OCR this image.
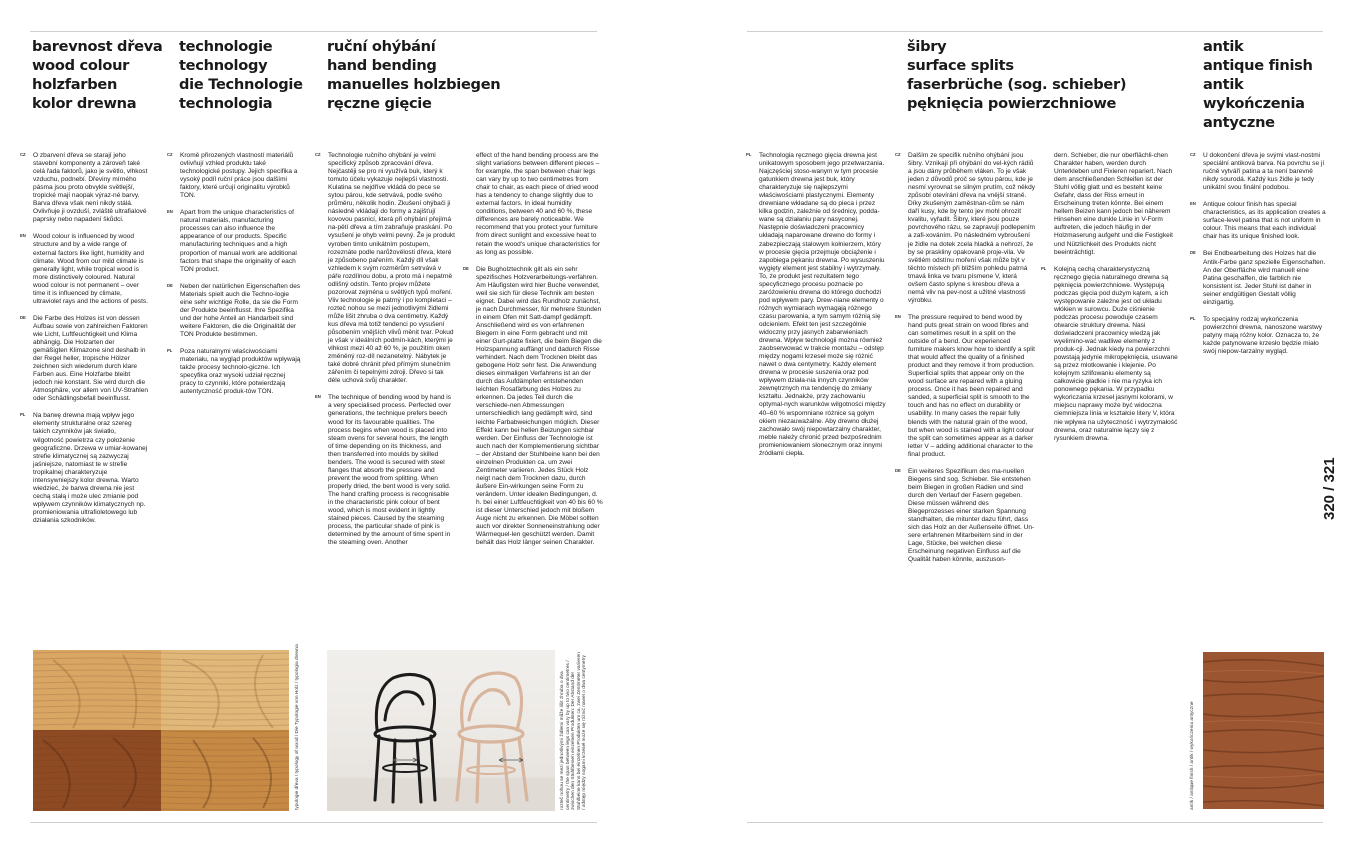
barevnost dřeva
wood colour
holzfarben
kolor drewna
technologie
technology
die Technologie
technologia
ruční ohýbání
hand bending
manuelles holzbiegen
ręczne gięcie
šibry
surface splits
faserbrüche (sog. schieber)
pęknięcia powierzchniowe
antik
antique finish
antik
wykończenia
antyczne
CZ O zbarvení dřeva se starají jeho stavební komponenty a zároveň také celá řada faktorů, jako je světlo, vlhkost vzduchu, podnebí. Dřeviny mírného pásma jsou proto obvykle světlejší, tropické mají naopak výraz-né barvy. Barva dřeva však není nikdy stálá. Ovlivňuje ji ovzduší, zvláště ultrafialové paprsky nebo napadení škůdci.
EN Wood colour is influenced by wood structure and by a wide range of external factors like light, humidity and climate. Wood from our mild climate is generally light, while tropical wood is more distinctively coloured. Natural wood colour is not permanent – over time it is influenced by climate, ultraviolet rays and the actions of pests.
DE Die Farbe des Holzes ist von dessen Aufbau sowie von zahlreichen Faktoren wie Licht, Luftfeuchtigkeit und Klima abhängig. Die Holzarten der gemäßigten Klimazone sind deshalb in der Regel heller, tropische Hölzer zeichnen sich wiederum durch klare Farben aus. Eine Holzfarbe bleibt jedoch nie konstant. Sie wird durch die Atmosphäre, vor allem von UV-Strahlen oder Schädlingsbefall beeinflusst.
PL Na barwę drewna mają wpływ jego elementy strukturalne oraz szereg takich czynników jak światło, wilgotność powietrza czy położenie geograficzne. Drzewa w umiar-kowanej strefie klimatycznej są zazwyczaj jaśniejsze, natomiast te w strefie tropikalnej charakteryzuje intensywniejszy kolor drewna. Warto wiedzieć, że barwa drewna nie jest cechą stałą i może ulec zmianie pod wpływem czynników klimatycznych np. promieniowania ultrafioletowego lub działania szkodników.
CZ Kromě přirozených vlastností materiálů ovlivňují vzhled produktu také technologické postupy. Jejich specifika a vysoký podíl ruční práce jsou dalšími faktory, které určují originalitu výrobků TON.
EN Apart from the unique characteristics of natural materials, manufacturing processes can also influence the appearance of our products. Specific manufacturing techniques and a high proportion of manual work are additional factors that shape the originality of each TON product.
DE Neben der natürlichen Eigenschaften des Materials spielt auch die Techno-logie eine sehr wichtige Rolle, da sie die Form der Produkte beeinflusst. Ihre Spezifika und der hohe Anteil an Handarbeit sind weitere Faktoren, die die Originalität der TON Produkte bestimmen.
PL Poza naturalnymi właściwościami materiału, na wygląd produktów wpływają także procesy technolo-giczne. Ich specyfika oraz wysoki udział ręcznej pracy to czynniki, które potwierdzają autentyczność produk-tów TON.
CZ Technologie ručního ohýbání je velmi specifický způsob zpracování dřeva. Nejčastěji se pro ni využívá buk, který k tomuto účelu vykazuje nejlepší vlastnosti. Kulatina se nejdříve vkládá do pece se sytou párou, kde setrvává, podle svého průměru, několik hodin. Zkušení ohýbači ji následně vkládají do formy a zajišťují kovovou pasnicí, která při ohýbání přejímá na-pětí dřeva a tím zabraňuje praskání. Po vysušení je ohyb velmi pevný. Že je produkt vyroben timto unikátním postupem, rozeznáte podle narůžovělosti dřeva, které je způsobeno pařením. Každý díl však vzhledem k svým rozměrům setrvává v páře rozdílnou dobu, a proto má i nepatrně odlišný odstín. Tento projev můžete pozorovat zejména u světlých typů moření. Vliv technologie je patrný i po kompletaci – rozteč nohou se mezi jednotlivými židlemi může lišit zhruba o dva centimetry. Každý kus dřeva má totiž tendenci po vysušení působením vnějších vlivů měnit tvar. Pokud je však v ideálních podmín-kách, kterými je vlhkost mezi 40 až 60 %, je použitím oken změněný roz-díl nezanetelný. Nábytek je také dobré chránit před přímým slunečním zářením či tepelnými zdroji. Dřevo si tak déle uchová svůj charakter.
EN The technique of bending wood by hand is a very specialised process. Perfected over generations, the technique prefers beech wood for its favourable qualities. The process begins when wood is placed into steam ovens for several hours, the length of time depending on its thickness, and then transferred into moulds by skilled benders. The wood is secured with steel flanges that absorb the pressure and prevent the wood from splitting. When properly dried, the bent wood is very solid. The hand crafting process is recognisable in the characteristic pink colour of bent wood, which is most evident in lightly stained pieces. Caused by the steaming process, the particular shade of pink is determined by the amount of time spent in the steaming oven. Another
effect of the hand bending process are the slight variations between different pieces – for example, the span between chair legs can vary by up to two centimetres from chair to chair, as each piece of dried wood has a tendency to change slightly due to external factors. In ideal humidity conditions, between 40 and 60 %, these differences are barely noticeable. We recommend that you protect your furniture from direct sunlight and excessive heat to retain the wood's unique characteristics for as long as possible.
DE Die Bugholztechnik gilt als ein sehr spezifisches Holzverarbeitungs-verfahren. Am Häufigsten wird hier Buche verwendet, weil sie sich für diese Technik am besten eignet. Dabei wird das Rundholz zunächst, je nach Durchmesser, für mehrere Stunden in einem Ofen mit Satt-dampf gedämpft. Anschließend wird es von erfahrenen Biegern in eine Form gebracht und mit einer Gurt-platte fixiert, die beim Biegen die Holzspannung auffängt und dadurch Risse verhindert. Nach dem Trocknen bleibt das gebogene Holz sehr fest. Die Anwendung dieses einmaligen Verfahrens ist an der durch das Aufdämpfen entstehenden leichten Rosafärbung des Holzes zu erkennen. Da jedes Teil durch die verschiede-nen Abmessungen unterschiedlich lang gedämpft wird, sind leichte Farbabweichungen möglich. Dieser Effekt kann bei hellen Beizungen sichbar werden. Der Einfluss der Technologie ist auch nach der Komplementierung sichtbar – der Abstand der Stuhlbeine kann bei den einzelnen Produkten ca. um zwei Zentimeter variieren. Jedes Stück Holz neigt nach dem Trocknen dazu, durch äußere Ein-wirkungen seine Form zu verändern. Unter idealen Bedingungen, d. h. bei einer Luftfeuchtigkeit von 40 bis 60 % ist dieser Unterschied jedoch mit bloßem Auge nicht zu erkennen. Die Möbel sollten auch vor direkter Sonneneinstrahlung oder Wärmequel-len geschützt werden. Damit behält das Holz länger seinen Charakter.
PL Technologia ręcznego gięcia drewna jest unikatowym sposobem jego przetwarzania. Najczęściej stoso-wanym w tym procesie gatunkiem drewna jest buk, który charakteryzuje się najlepszymi właściwościami plastycznymi. Elementy drewniane wkładane są do pieca i przez kilka godzin, zależnie od średnicy, podda-wane są działaniu pary nasyconej. Następnie doświadczeni pracownicy układają naparowane drewno do formy i zabezpieczają stalowym kołnierzem, który w procesie gięcia przejmuje obciążenie i zapobiega pękaniu drewna. Po wysuszeniu wygięty element jest stabilny i wytrzymały. To, że produkt jest rezultatem tego specyficznego procesu poznacie po zaróżowieniu drewna do którego dochodzi pod wpływem pary. Drew-niane elementy o różnych wymiarach wymagają różnego czasu parowania, a tym samym różnią się odcieniem. Efekt ten jest szczególnie widoczny przy jasnych zabarwieniach drewna. Wpływ technologii można również zaobserwować w trakcie montażu – odstęp między nogami krzeseł może się różnić nawet o dwa centymetry. Każdy element drewna w procesie suszenia oraz pod wpływem działa-nia innych czynników zewnętrznych ma tendencję do zmiany kształtu. Jednakże, przy zachowaniu optymal-nych warunków wilgotności między 40–60 % wspomniane różnice są gołym okiem niezauważalne. Aby drewno dłużej zachowało swój niepowtarzalny charakter, meble należy chronić przed bezpośrednim promieniowaniem słonecznym oraz innymi źródłami ciepła.
CZ Dalším ze specifik ručního ohýbání jsou šibry. Vznikají při ohýbání do vel-kých rádiů a jsou dány průběhem vláken. To je však jeden z důvodů proč se sytou párou, kde je nesmí vyrovnat se silným prutím, což někdy způsobí otevírání dřeva na vnější straně. Díky zkušeným zaměstnan-cům se nám daří kusy, kde by tento jev mohl ohrozit kvalitu, vyřadit. Šibry, které jsou pouze povrchového rázu, se zapravují podlepením a zafi-xováním. Po následném vybroušení je židle na dotek zcela hladká a nehrozí, že by se praskliny opakovaně proje-vila. Ve světlém odstínu moření však může být v těchto místech při bližším pohledu patrná tmavá linka ve tvaru písmene V, která ovšem často splyne s kresbou dřeva a nemá vliv na pev-nost a užitné vlastnosti výrobku.
EN The pressure required to bend wood by hand puts great strain on wood fibres and can sometimes result in a split on the outside of a bend. Our experienced furniture makers know how to identify a split that would affect the quality of a finished product and they remove it from production. Superficial splits that appear only on the wood surface are repaired with a gluing process. Once it has been repaired and sanded, a superficial split is smooth to the touch and has no effect on durability or usability. In many cases the repair fully blends with the natural grain of the wood, but when wood is stained with a light colour the split can sometimes appear as a darker letter V – adding additional character to the final product.
DE Ein weiteres Spezifikum des ma-nuellen Biegens sind sog. Schieber. Sie entstehen beim Biegen in großen Radien und sind durch den Verlauf der Fasern gegeben. Diese müssen während des Biegeprozesses einer starken Spannung standhalten, die mitunter dazu führt, dass sich das Holz an der Außenseite öffnet. Un-sere erfahrenen Mitarbeitern sind in der Lage, Stücke, bei welchen diese Erscheinung negativen Einfluss auf die Qualität haben könnte, auszuson-
dern. Schieber, die nur oberflächli-chen Charakter haben, werden durch Unterkleben und Fixieren repariert. Nach dem anschließenden Schleifen ist der Stuhl völlig glatt und es besteht keine Gefahr, dass der Riss erneut in Erscheinung treten könnte. Bei einem hellem Beizen kann jedoch bei näherem Hinsehen eine dunkle Linie in V-Form auftreten, die jedoch häufig in der Holzmaserung aufgeht und die Festigkeit und Nützlichkeit des Produkts nicht beeinträchtigt.
PL Kolejną cechą charakterystyczną ręcznego gięcia naturalnego drewna są pęknięcia powierzchniowe. Występują podczas gięcia pod dużym kątem, a ich występowanie zależne jest od układu włókien w surowcu. Duże ciśnienie podczas procesu powoduje czasem otwarcie struktury drewna. Nasi doświadczeni pracownicy wiedzą jak wyelimino-wać wadliwe elementy z produk-cji. Jednak kiedy na powierzchni powstają jedynie mikropęknięcia, usuwane są przez mlotkowanie i klejenie. Po kolejnym szlifowaniu elementy są całkowicie gładkie i nie ma ryzyka ich ponownego pękania. W przypadku wykończania krzeseł jasnymi kolorami, w miejscu naprawy może być widoczna ciemniejsza linia w kształcie litery V, która nie wpływa na użyteczność i wytrzymałość drewna, oraz naturalnie łączy się z rysunkiem drewna.
CZ U dokončení dřeva je svými vlast-nostmi speciální antiková barva. Na povrchu se jí ručně vytváří patina a ta není barevně nikdy sourodá. Každý kus židle je tedy unikátní svou finální podobou.
EN Antique colour finish has special characteristics, as its application creates a surface-level patina that is not uniform in colour. This means that each individual chair has its unique finished look.
DE Bei Endbearbeitung des Holzes hat die Antik-Farbe ganz spezielle Eigenschaften. An der Oberfläche wird manuell eine Patina geschaffen, die farblich nie konsistent ist. Jeder Stuhl ist daher in seiner endgültigen Gestalt völlig einzigartig.
PL To specjalny rodzaj wykończenia powierzchni drewna, nanoszone warstwy patyny mają różny kolor. Oznacza to, że każde patynowane krzesło będzie miało swój niepow-tarzalny wygląd.
320 / 321
typologie dřeva / typology of wood / Die Typologie von Holz / typologia drewna	rozteč nohou se mezi jednotlivými židlemi může lišit zhruba o dva centimetry / the span between legs can vary by up to two centimetres / zwischen den Stuhlbeinen einzelnen Produkten: Der Abstand der Stuhlbeine kann bei einzelnen Produkten um ca. zwei Zentimeter variieren / odstęp między nogami krzeseł może się różnić nawet o dwa centymetry	antik / antique finish / antik / wykończenia antyczne
